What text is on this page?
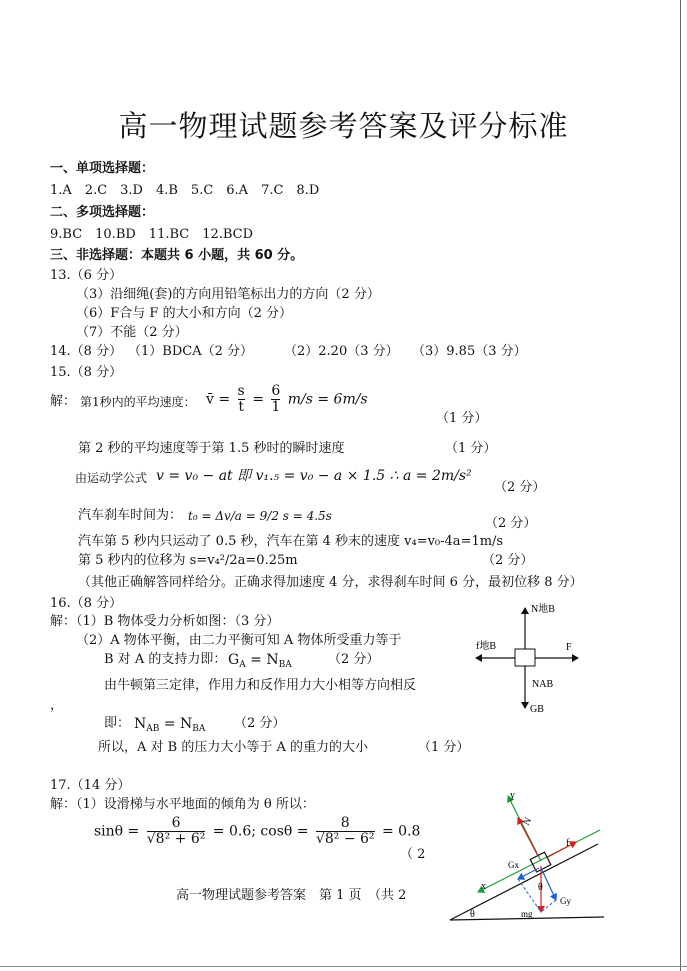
高一物理试题参考答案及评分标准
一、单项选择题：
1.A　2.C　3.D　4.B　5.C　6.A　7.C　8.D
二、多项选择题：
9.BC　10.BD　11.BC　12.BCD
三、非选择题：本题共 6 小题，共 60 分。
13.（6 分）
（3）沿细绳(套)的方向用铅笔标出力的方向（2 分）
（6）F合与 F 的大小和方向（2 分）
（7）不能（2 分）
14.（8 分） （1）BDCA（2 分） （2）2.20（3 分） （3）9.85（3 分）
15.（8 分）
解： 第1秒内的平均速度： v̄ = $\frac{s}{t} = \frac{6}{1} m/s = 6m/s$
（1 分）
第 2 秒的平均速度等于第 1.5 秒时的瞬时速度	（1 分）
由运动学公式 v = v₀ − at 即 v₁.₅ = v₀ − a × 1.5 ∴ a = 2m/s²
（2 分）
汽车刹车时间为： t₀ = Δv/a = 9/2 s = 4.5s	（2 分）
汽车第 5 秒内只运动了 0.5 秒，汽车在第 4 秒末的速度 v₄=v₀-4a=1m/s
第 5 秒内的位移为 s=v₄²/2a=0.25m	（2 分）
（其他正确解答同样给分。正确求得加速度 4 分，求得刹车时间 6 分，最初位移 8 分）
16.（8 分）
解：（1）B 物体受力分析如图：（3 分）
（2）A 物体平衡，由二力平衡可知 A 物体所受重力等于
B 对 A 的支持力即： $G_A = N_{BA}$	（2 分）
由牛顿第三定律，作用力和反作用力大小相等方向相反
，
即： $N_{AB} = N_{BA}$ （2 分）
所以，A 对 B 的压力大小等于 A 的重力的大小	（1 分）
N地B
f地B	F
NAB
GB
17.（14 分）
解：（1）设滑梯与水平地面的倾角为 θ 所以：
$\sin\theta = \frac{6}{\text{√8² + 6²}} = 0.6$; $\cos\theta = \frac{8}{\text{√8² − 6²}} = 0.8$
（ 2
y
N
f
Gx
x	θ
θ	mg
Gy
高一物理试题参考答案　第 1 页　（共 2
